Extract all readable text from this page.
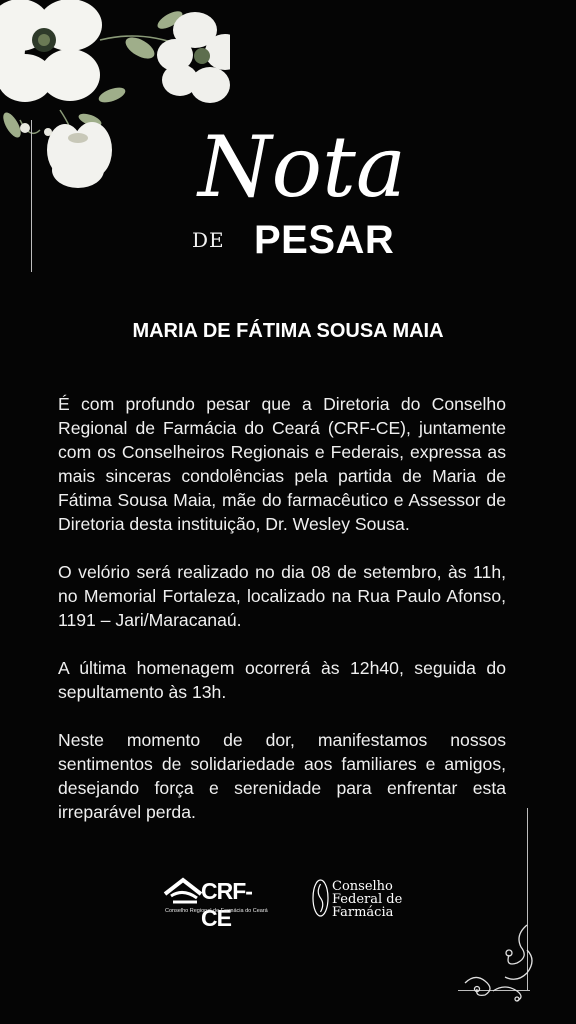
Nota
DE PESAR
MARIA DE FÁTIMA SOUSA MAIA

É com profundo pesar que a Diretoria do Conselho Regional de Farmácia do Ceará (CRF-CE), juntamente com os Conselheiros Regionais e Federais, expressa as mais sinceras condolências pela partida de Maria de Fátima Sousa Maia, mãe do farmacêutico e Assessor de Diretoria desta instituição, Dr. Wesley Sousa.

O velório será realizado no dia 08 de setembro, às 11h, no Memorial Fortaleza, localizado na Rua Paulo Afonso, 1191 – Jari/Maracanaú.

A última homenagem ocorrerá às 12h40, seguida do sepultamento às 13h.

Neste momento de dor, manifestamos nossos sentimentos de solidariedade aos familiares e amigos, desejando força e serenidade para enfrentar esta irreparável perda.

CRF-CE
Conselho Regional de Farmácia do Ceará
Conselho
Federal de
Farmácia
